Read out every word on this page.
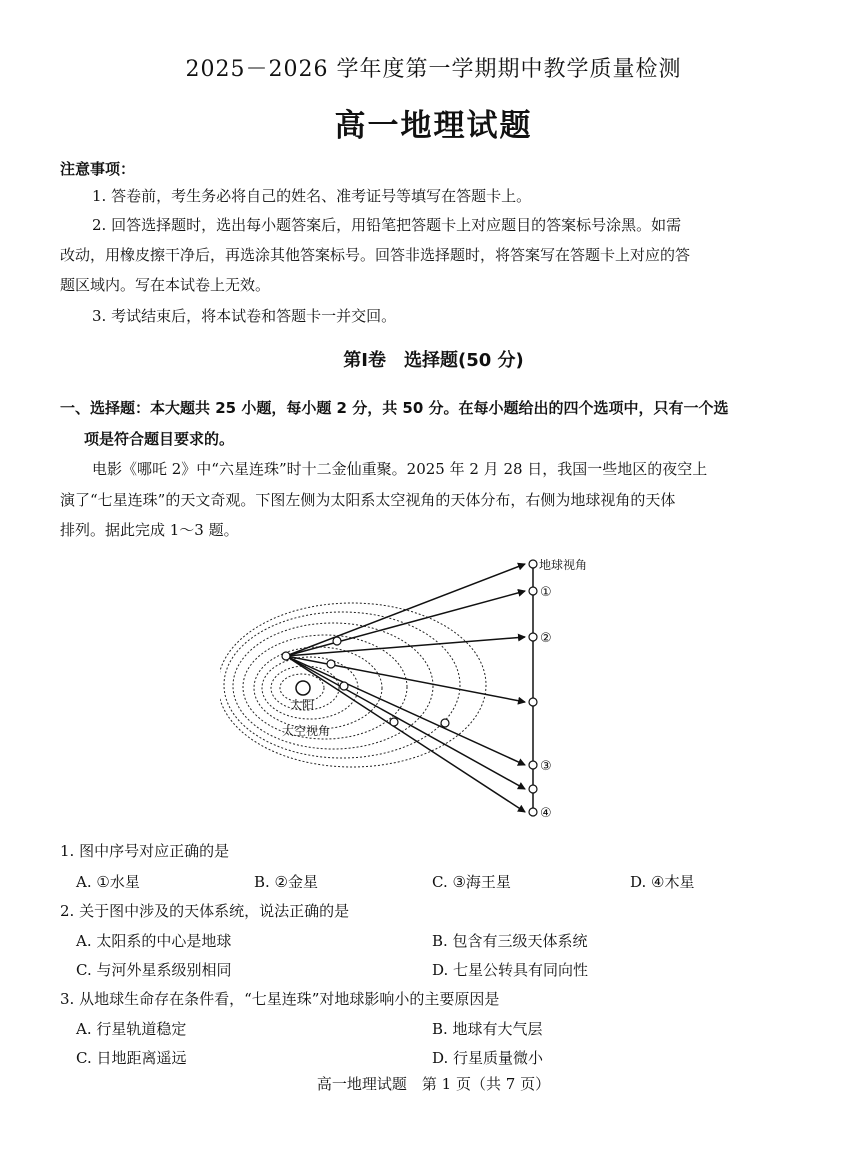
2025－2026 学年度第一学期期中教学质量检测
高一地理试题
注意事项：
1. 答卷前，考生务必将自己的姓名、准考证号等填写在答题卡上。
2. 回答选择题时，选出每小题答案后，用铅笔把答题卡上对应题目的答案标号涂黑。如需
改动，用橡皮擦干净后，再选涂其他答案标号。回答非选择题时，将答案写在答题卡上对应的答
题区域内。写在本试卷上无效。
3. 考试结束后，将本试卷和答题卡一并交回。
第Ⅰ卷　选择题(50 分)
一、选择题：本大题共 25 小题，每小题 2 分，共 50 分。在每小题给出的四个选项中，只有一个选
项是符合题目要求的。
电影《哪吒 2》中“六星连珠”时十二金仙重聚。2025 年 2 月 28 日，我国一些地区的夜空上
演了“七星连珠”的天文奇观。下图左侧为太阳系太空视角的天体分布，右侧为地球视角的天体
排列。据此完成 1～3 题。
太阳
太空视角
地球视角
①
②
③
④
1. 图中序号对应正确的是
A. ①水星	B. ②金星	C. ③海王星	D. ④木星
2. 关于图中涉及的天体系统，说法正确的是
A. 太阳系的中心是地球	B. 包含有三级天体系统
C. 与河外星系级别相同	D. 七星公转具有同向性
3. 从地球生命存在条件看，“七星连珠”对地球影响小的主要原因是
A. 行星轨道稳定	B. 地球有大气层
C. 日地距离遥远	D. 行星质量微小
高一地理试题　第 1 页（共 7 页）
